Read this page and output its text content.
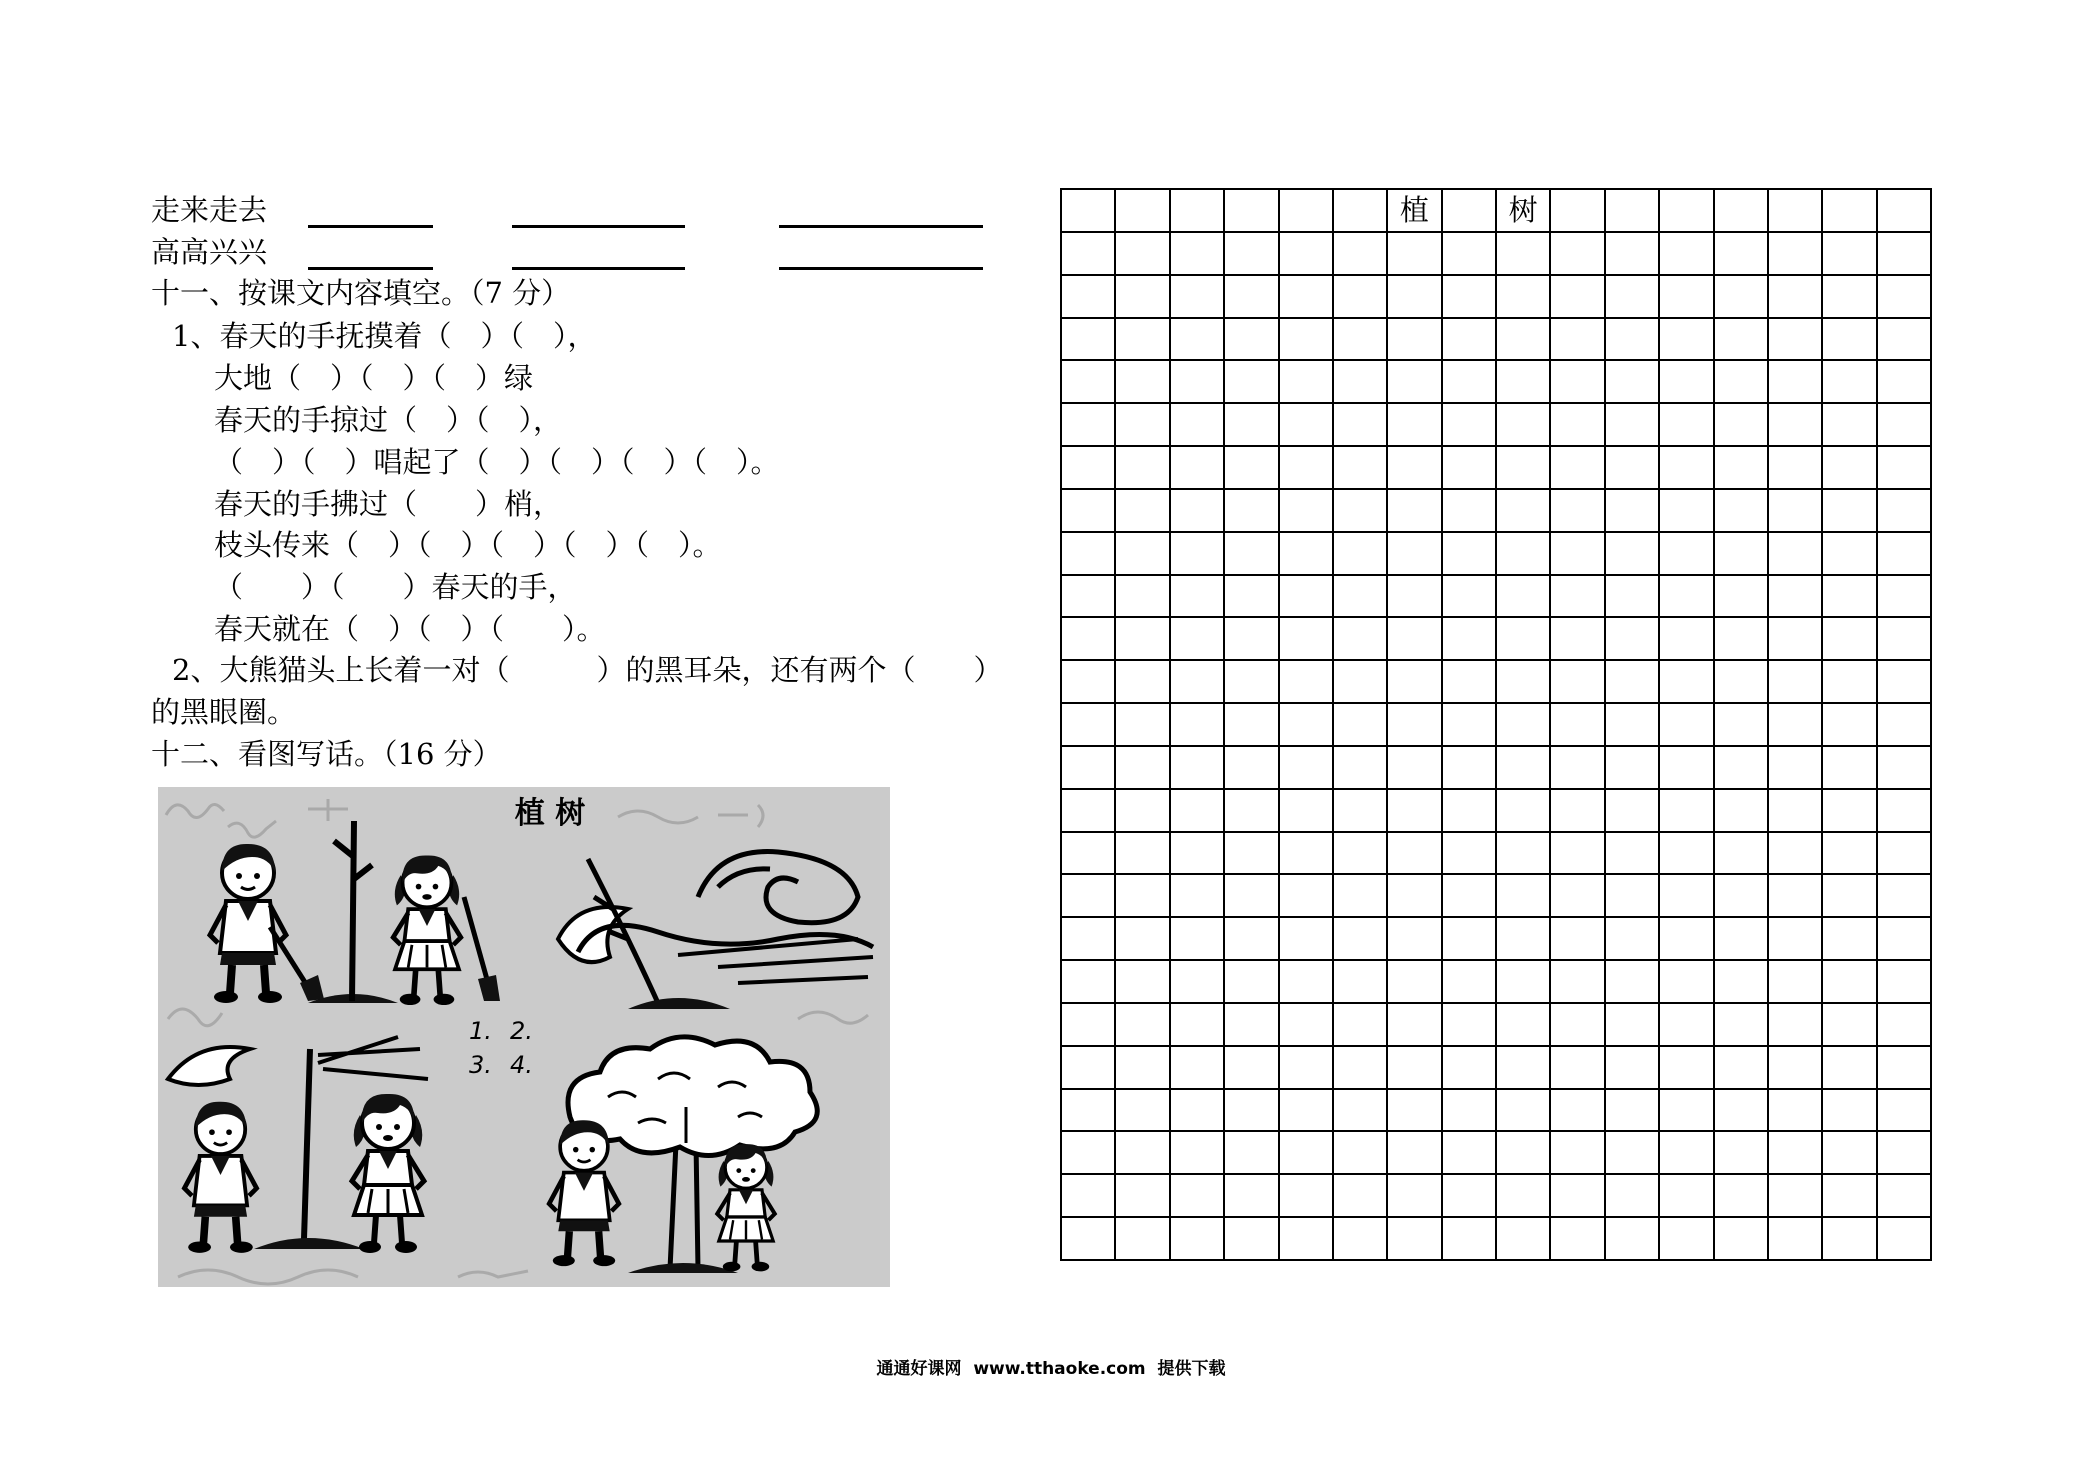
走来走去
高高兴兴
十一、按课文内容填空。（7 分）
1、春天的手抚摸着（　）（　），
大地（　）（　）（　）绿
春天的手掠过（　）（　），
（　）（　）唱起了（　）（　）（　）（　）。
春天的手拂过（　　）梢，
枝头传来（　）（　）（　）（　）（　）。
（　　）（　　）春天的手，
春天就在（　）（　）（　　）。
2、大熊猫头上长着一对（　　　）的黑耳朵，还有两个（　　）
的黑眼圈。
十二、看图写话。（16 分）
植 树
1. 2.
3. 4.
植	树
通通好课网  www.tthaoke.com  提供下载
